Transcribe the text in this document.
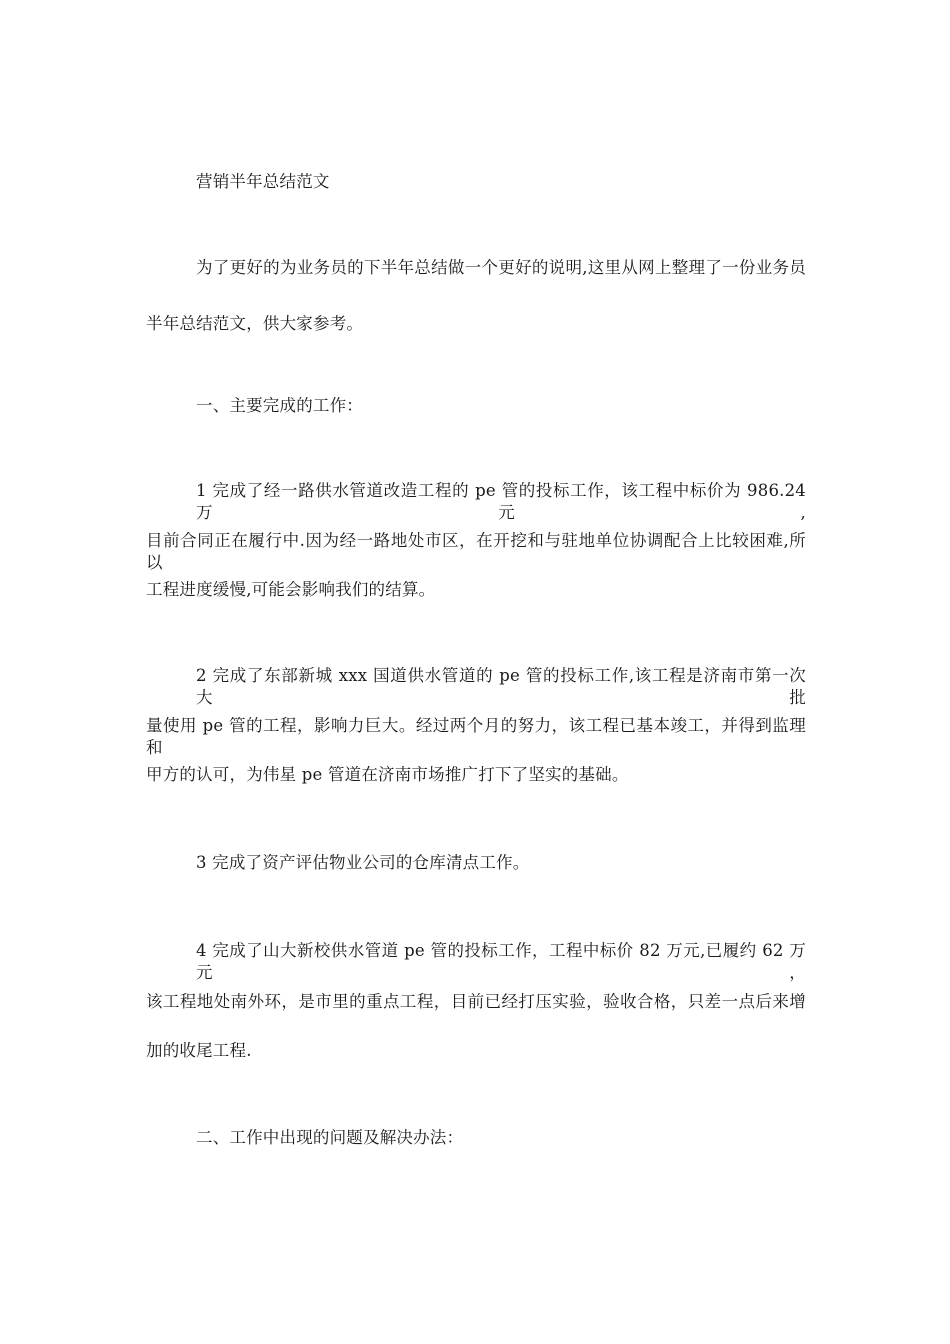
营销半年总结范文
为了更好的为业务员的下半年总结做一个更好的说明,这里从网上整理了一份业务员
半年总结范文，供大家参考。
一、主要完成的工作：
1 完成了经一路供水管道改造工程的 pe 管的投标工作，该工程中标价为 986.24 万元,
目前合同正在履行中.因为经一路地处市区，在开挖和与驻地单位协调配合上比较困难,所以
工程进度缓慢,可能会影响我们的结算。
2 完成了东部新城 xxx 国道供水管道的 pe 管的投标工作,该工程是济南市第一次大批
量使用 pe 管的工程，影响力巨大。经过两个月的努力，该工程已基本竣工，并得到监理和
甲方的认可，为伟星 pe 管道在济南市场推广打下了坚实的基础。
3 完成了资产评估物业公司的仓库清点工作。
4 完成了山大新校供水管道 pe 管的投标工作，工程中标价 82 万元,已履约 62 万元，
该工程地处南外环，是市里的重点工程，目前已经打压实验，验收合格，只差一点后来增
加的收尾工程.
二、工作中出现的问题及解决办法：
